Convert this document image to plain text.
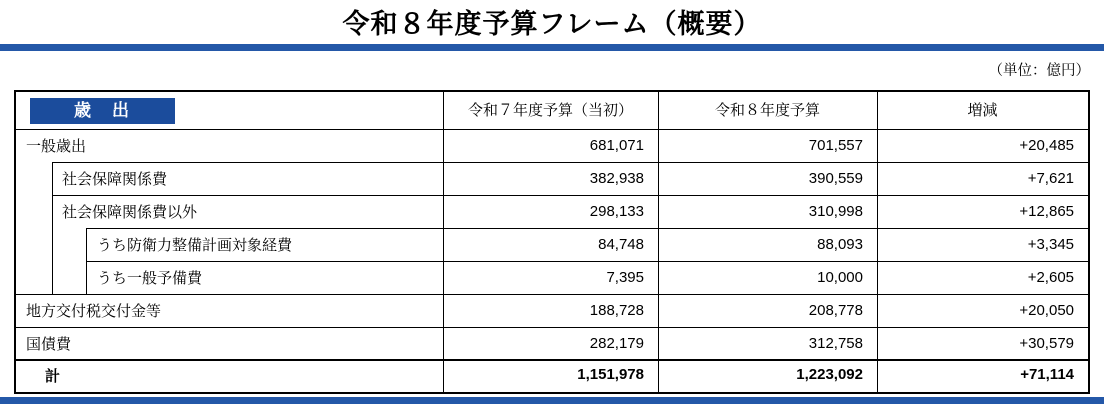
令和８年度予算フレーム（概要）
（単位：億円）
歳　出	令和７年度予算（当初）	令和８年度予算	増減
一般歳出	681,071	701,557	+20,485
社会保障関係費	382,938	390,559	+7,621
社会保障関係費以外	298,133	310,998	+12,865
うち防衛力整備計画対象経費	84,748	88,093	+3,345
うち一般予備費	7,395	10,000	+2,605
地方交付税交付金等	188,728	208,778	+20,050
国債費	282,179	312,758	+30,579
計	1,151,978	1,223,092	+71,114
